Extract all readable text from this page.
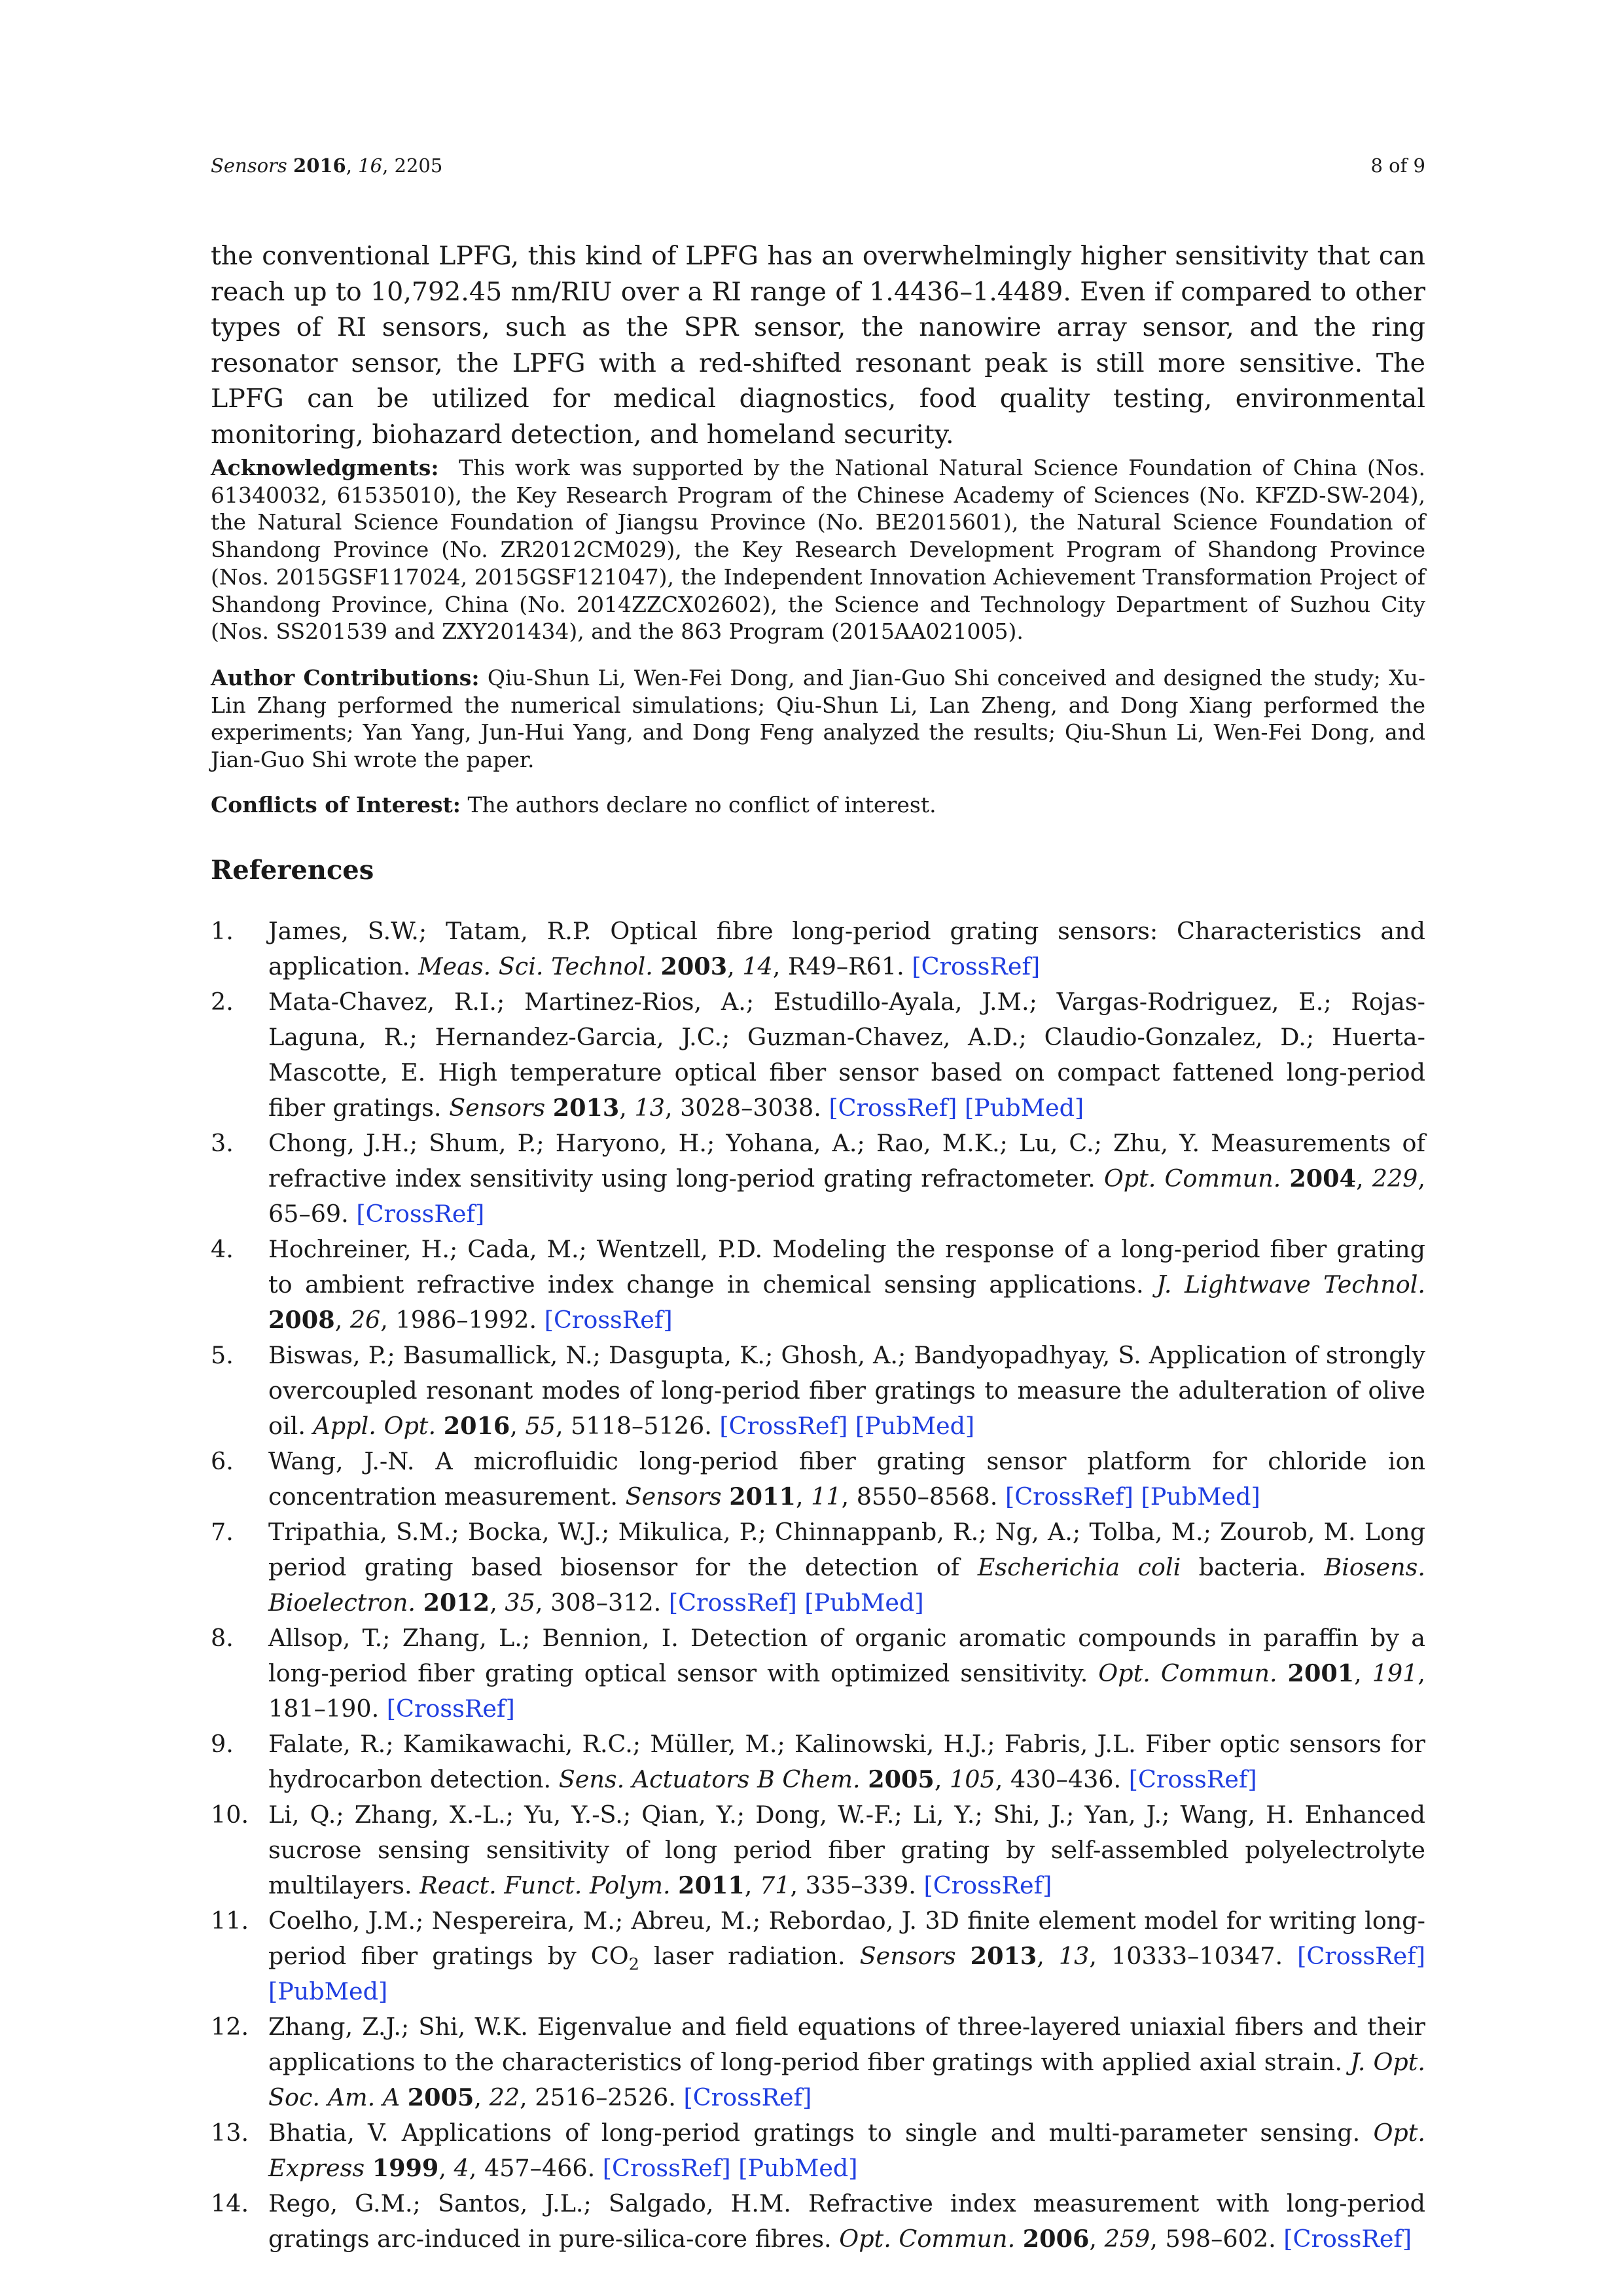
Sensors 2016, 16, 2205	8 of 9

the conventional LPFG, this kind of LPFG has an overwhelmingly higher sensitivity that can reach up to 10,792.45 nm/RIU over a RI range of 1.4436–1.4489. Even if compared to other types of RI sensors, such as the SPR sensor, the nanowire array sensor, and the ring resonator sensor, the LPFG with a red-shifted resonant peak is still more sensitive. The LPFG can be utilized for medical diagnostics, food quality testing, environmental monitoring, biohazard detection, and homeland security.

Acknowledgments: This work was supported by the National Natural Science Foundation of China (Nos. 61340032, 61535010), the Key Research Program of the Chinese Academy of Sciences (No. KFZD-SW-204), the Natural Science Foundation of Jiangsu Province (No. BE2015601), the Natural Science Foundation of Shandong Province (No. ZR2012CM029), the Key Research Development Program of Shandong Province (Nos. 2015GSF117024, 2015GSF121047), the Independent Innovation Achievement Transformation Project of Shandong Province, China (No. 2014ZZCX02602), the Science and Technology Department of Suzhou City (Nos. SS201539 and ZXY201434), and the 863 Program (2015AA021005).

Author Contributions: Qiu-Shun Li, Wen-Fei Dong, and Jian-Guo Shi conceived and designed the study; Xu-Lin Zhang performed the numerical simulations; Qiu-Shun Li, Lan Zheng, and Dong Xiang performed the experiments; Yan Yang, Jun-Hui Yang, and Dong Feng analyzed the results; Qiu-Shun Li, Wen-Fei Dong, and Jian-Guo Shi wrote the paper.

Conflicts of Interest: The authors declare no conflict of interest.

References
1.	James, S.W.; Tatam, R.P. Optical fibre long-period grating sensors: Characteristics and application. Meas. Sci. Technol. 2003, 14, R49–R61. [CrossRef]
2.	Mata-Chavez, R.I.; Martinez-Rios, A.; Estudillo-Ayala, J.M.; Vargas-Rodriguez, E.; Rojas-Laguna, R.; Hernandez-Garcia, J.C.; Guzman-Chavez, A.D.; Claudio-Gonzalez, D.; Huerta-Mascotte, E. High temperature optical fiber sensor based on compact fattened long-period fiber gratings. Sensors 2013, 13, 3028–3038. [CrossRef] [PubMed]
3.	Chong, J.H.; Shum, P.; Haryono, H.; Yohana, A.; Rao, M.K.; Lu, C.; Zhu, Y. Measurements of refractive index sensitivity using long-period grating refractometer. Opt. Commun. 2004, 229, 65–69. [CrossRef]
4.	Hochreiner, H.; Cada, M.; Wentzell, P.D. Modeling the response of a long-period fiber grating to ambient refractive index change in chemical sensing applications. J. Lightwave Technol. 2008, 26, 1986–1992. [CrossRef]
5.	Biswas, P.; Basumallick, N.; Dasgupta, K.; Ghosh, A.; Bandyopadhyay, S. Application of strongly overcoupled resonant modes of long-period fiber gratings to measure the adulteration of olive oil. Appl. Opt. 2016, 55, 5118–5126. [CrossRef] [PubMed]
6.	Wang, J.-N. A microfluidic long-period fiber grating sensor platform for chloride ion concentration measurement. Sensors 2011, 11, 8550–8568. [CrossRef] [PubMed]
7.	Tripathia, S.M.; Bocka, W.J.; Mikulica, P.; Chinnappanb, R.; Ng, A.; Tolba, M.; Zourob, M. Long period grating based biosensor for the detection of Escherichia coli bacteria. Biosens. Bioelectron. 2012, 35, 308–312. [CrossRef] [PubMed]
8.	Allsop, T.; Zhang, L.; Bennion, I. Detection of organic aromatic compounds in paraffin by a long-period fiber grating optical sensor with optimized sensitivity. Opt. Commun. 2001, 191, 181–190. [CrossRef]
9.	Falate, R.; Kamikawachi, R.C.; Müller, M.; Kalinowski, H.J.; Fabris, J.L. Fiber optic sensors for hydrocarbon detection. Sens. Actuators B Chem. 2005, 105, 430–436. [CrossRef]
10. Li, Q.; Zhang, X.-L.; Yu, Y.-S.; Qian, Y.; Dong, W.-F.; Li, Y.; Shi, J.; Yan, J.; Wang, H. Enhanced sucrose sensing sensitivity of long period fiber grating by self-assembled polyelectrolyte multilayers. React. Funct. Polym. 2011, 71, 335–339. [CrossRef]
11. Coelho, J.M.; Nespereira, M.; Abreu, M.; Rebordao, J. 3D finite element model for writing long-period fiber gratings by $CO_2$ laser radiation. Sensors 2013, 13, 10333–10347. [CrossRef] [PubMed]
12. Zhang, Z.J.; Shi, W.K. Eigenvalue and field equations of three-layered uniaxial fibers and their applications to the characteristics of long-period fiber gratings with applied axial strain. J. Opt. Soc. Am. A 2005, 22, 2516–2526. [CrossRef]
13. Bhatia, V. Applications of long-period gratings to single and multi-parameter sensing. Opt. Express 1999, 4, 457–466. [CrossRef] [PubMed]
14. Rego, G.M.; Santos, J.L.; Salgado, H.M. Refractive index measurement with long-period gratings arc-induced in pure-silica-core fibres. Opt. Commun. 2006, 259, 598–602. [CrossRef]
